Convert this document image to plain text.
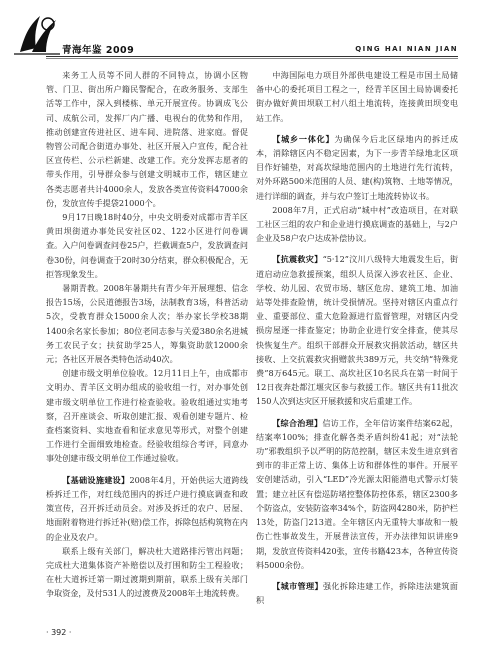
青海年鉴 2009	QING HAI NIAN JIAN

来务工人员等不同人群的不同特点，协调小区物管、门卫、街出所户籍民警配合，在政务服务、支部生活等工作中，深入到楼栋、单元开展宣传。协调成飞公司、成航公司，发挥厂内广播、电视台的优势和作用，推动创建宣传进社区、进车间、进院落、进家庭。督促物管公司配合街道办事处、社区开展入户宣传，配合社区宣传栏、公示栏新建、改建工作。充分发挥志愿者的带头作用，引导群众参与创建文明城市工作，辖区建立各类志愿者共计4000余人，发放各类宣传资料47000余份，发放宣传手提袋21000个。

9月17日晚18时40分，中央文明委对成都市青羊区黄田坝街道办事处民安社区02、122小区进行问卷调查。入户问卷调查问卷25户，拦截调查5户，发放调查问卷30份，问卷调查于20时30分结束，群众积极配合，无拒答现象发生。

暑期青教。2008年暑期共有青少年开展理想、信念报告15场，公民道德报告3场，法制教育3场，科普活动5次，受教育群众15000余人次；举办家长学校38期1400余名家长参加；80位老同志参与关爱380余名进城务工农民子女；扶贫助学25人，筹集资助款12000余元；各社区开展各类特色活动40次。

创建市级文明单位验收。12月11日上午，由成都市文明办、青羊区文明办组成的验收组一行，对办事处创建市级文明单位工作进行检查验收。验收组通过实地考察，召开座谈会、听取创建汇报、观看创建专题片、检查档案资料、实地查看和征求意见等形式，对整个创建工作进行全面细致地检查。经验收组综合考评，同意办事处创建市级文明单位工作通过验收。

【基础设施建设】2008年4月，开始供运大道跨线桥拆迁工作，对红线范围内的拆迁户进行摸底调查和政策宣传，召开拆迁动员会。对涉及拆迁的农户、居屋、地面附着物进行拆迁补(赔)偿工作，拆除包括构筑物在内的企业及农户。

联系上级有关部门，解决杜大道路排污管出问题；完成杜大道集体资产补赔偿以及打围和防尘工程验收；在杜大道拆迁第一期过渡期到期前，联系上级有关部门争取资金，及付531人的过渡费及2008年土地流转费。

中海国际电力项目外部供电建设工程是市国土局储备中心的委托项目工程之一，经青羊区国土局协调委托街办做好黄田坝联工村八组土地流转，连接黄田坝变电站工作。

【城乡一体化】为确保今后北区绿地内的拆迁成本，消除辖区内不稳定因素，为下一步青羊绿地北区项目作好铺垫，对高坎绿地范围内的土地进行先行流转，对外环路500米范围的人员、建(构)筑物、土地等情况，进行详细的调查，并与农户签订土地流转协议书。

2008年7月，正式启动“城中村”改造项目，在对联工社区三组的农户和企业进行摸底调查的基础上，与2户企业及58户农户达成补偿协议。

【抗震救灾】“5·12”汶川八级特大地震发生后，街道启动应急救援预案，组织人员深入涉农社区、企业、学校、幼儿园、农贸市场、辖区危房、建筑工地、加油站等处排查险情，统计受损情况。坚持对辖区内重点行业、重要部位、重大危险源进行监督管理，对辖区内受损房屋逐一排查鉴定；协助企业进行安全排查，使其尽快恢复生产。组织干部群众开展救灾捐款活动，辖区共接收、上交抗震救灾捐赠款共389万元，共交纳“特殊党费”8万645元。联工、高坎社区10名民兵在第一时间于12日夜奔赴都江堰灾区参与救援工作。辖区共有11批次150人次到达灾区开展救援和灾后重建工作。

【综合治理】信访工作，全年信访案件结案62起，结案率100%；排查化解各类矛盾纠纷41起；对“法轮功”邪教组织予以严明的防范控制，辖区未发生进京到省到市的非正常上访、集体上访和群体性的事件。开展平安创建活动，引入“LED”冷光源太阳能潜电式警示灯装置；建立社区有偿巡防堵控整体防控体系，辖区2300多个防盗点，安装防盗率34%个，防盗网4280米，防护栏13处，防盗门213道。全年辖区内无重特大事故和一般伤亡性事故发生，开展普法宣传，开办法律知识讲座9期，发放宣传资料420张，宣传书籍423本，各种宣传资料5000余份。

【城市管理】强化拆除违建工作，拆除违法建筑面积

· 392 ·
